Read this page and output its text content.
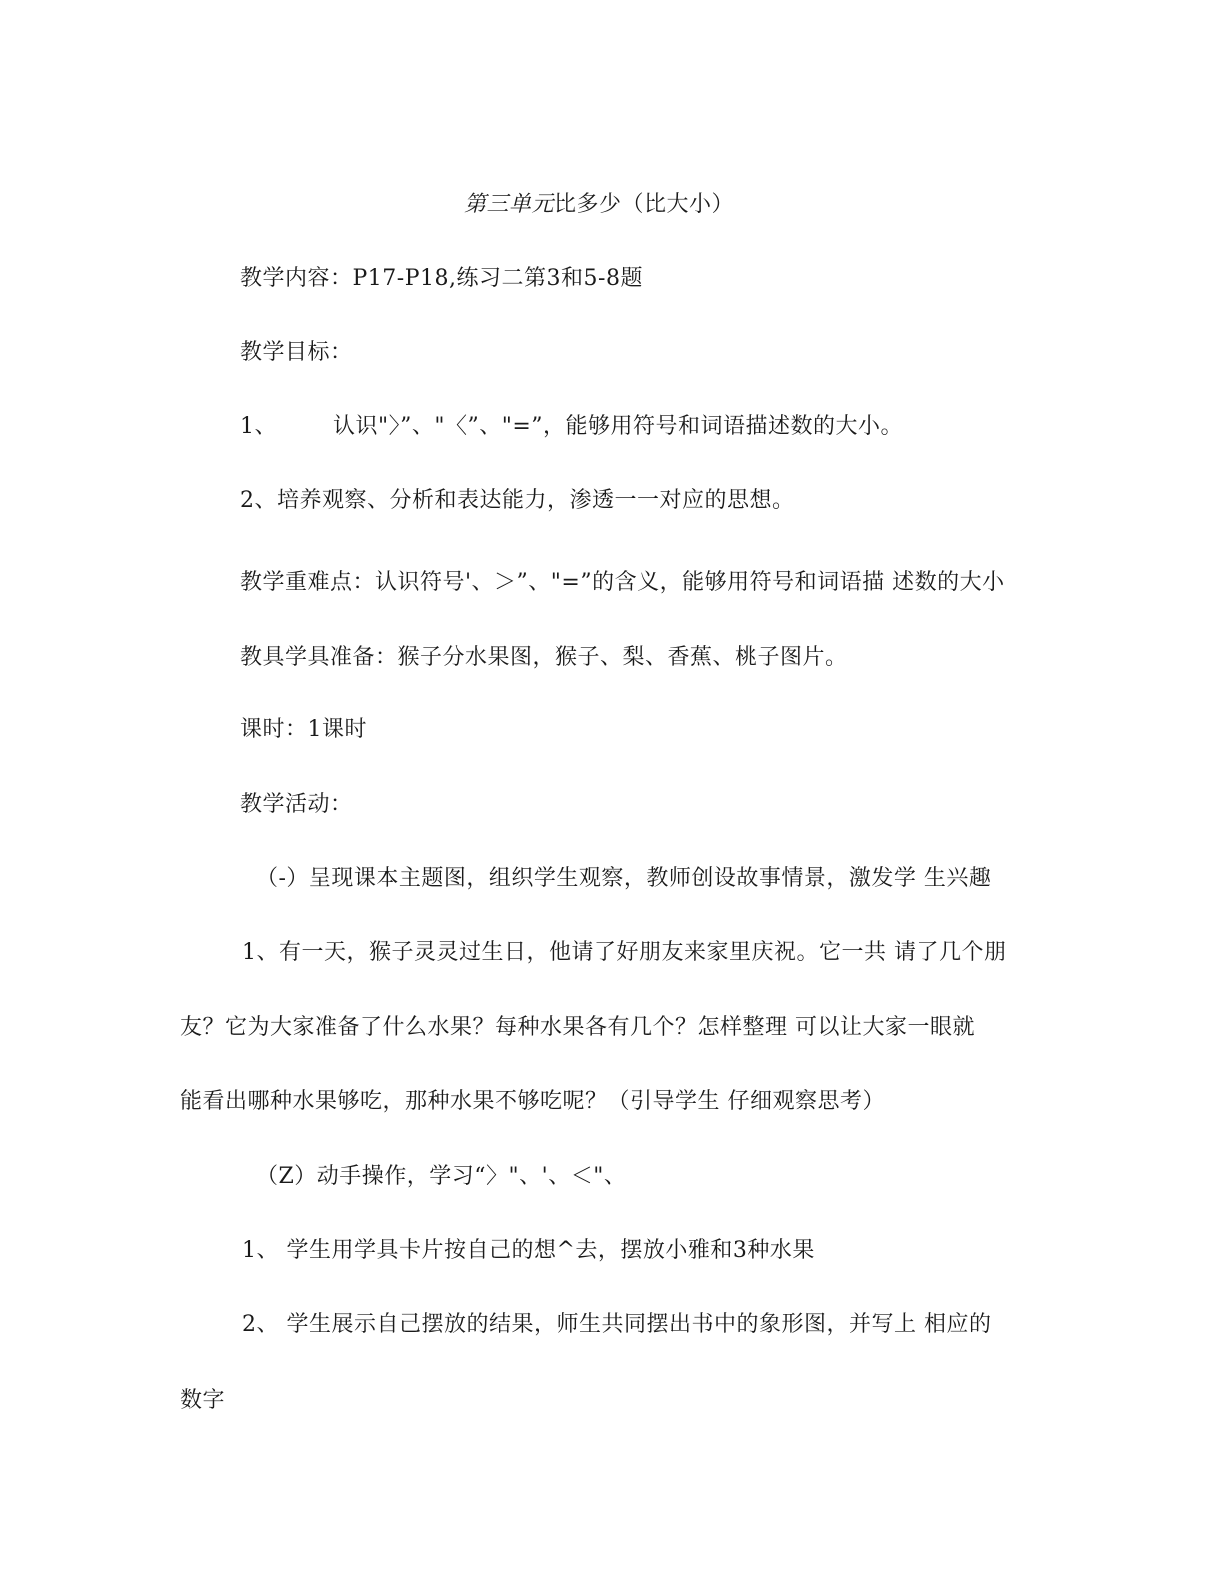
第三单元比多少（比大小）
教学内容：P17-P18,练习二第3和5-8题
教学目标：
1、	认识"〉”、"〈”、"=”，能够用符号和词语描述数的大小。
2、培养观察、分析和表达能力，渗透一一对应的思想。
教学重难点：认识符号'、＞”、"=”的含义，能够用符号和词语描 述数的大小
教具学具准备：猴子分水果图，猴子、梨、香蕉、桃子图片。
课时：1课时
教学活动：
（-）呈现课本主题图，组织学生观察，教师创设故事情景，激发学 生兴趣
1、有一天，猴子灵灵过生日，他请了好朋友来家里庆祝。它一共 请了几个朋
友？它为大家准备了什么水果？每种水果各有几个？怎样整理 可以让大家一眼就
能看出哪种水果够吃，那种水果不够吃呢？（引导学生 仔细观察思考）
（Z）动手操作，学习“〉"、'、＜"、
1、 学生用学具卡片按自己的想^去，摆放小雅和3种水果
2、 学生展示自己摆放的结果，师生共同摆出书中的象形图，并写上 相应的
数字
